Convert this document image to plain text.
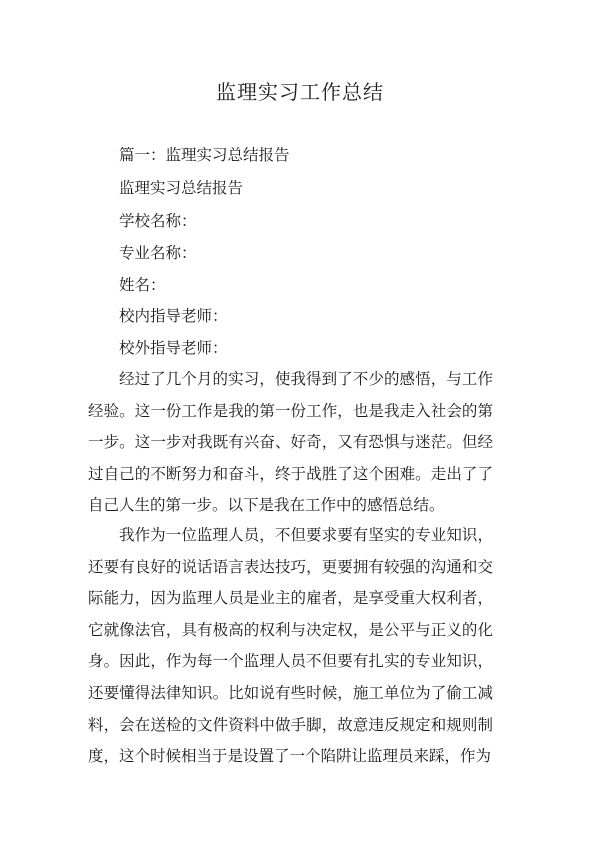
监理实习工作总结
篇一：监理实习总结报告
监理实习总结报告
学校名称：
专业名称：
姓名：
校内指导老师：
校外指导老师：

经过了几个月的实习，使我得到了不少的感悟，与工作经验。这一份工作是我的第一份工作，也是我走入社会的第一步。这一步对我既有兴奋、好奇，又有恐惧与迷茫。但经过自己的不断努力和奋斗，终于战胜了这个困难。走出了了自己人生的第一步。以下是我在工作中的感悟总结。

我作为一位监理人员，不但要求要有坚实的专业知识，还要有良好的说话语言表达技巧，更要拥有较强的沟通和交际能力，因为监理人员是业主的雇者，是享受重大权利者，它就像法官，具有极高的权利与决定权，是公平与正义的化身。因此，作为每一个监理人员不但要有扎实的专业知识，还要懂得法律知识。比如说有些时候，施工单位为了偷工减料，会在送检的文件资料中做手脚，故意违反规定和规则制度，这个时候相当于是设置了一个陷阱让监理员来踩，作为
